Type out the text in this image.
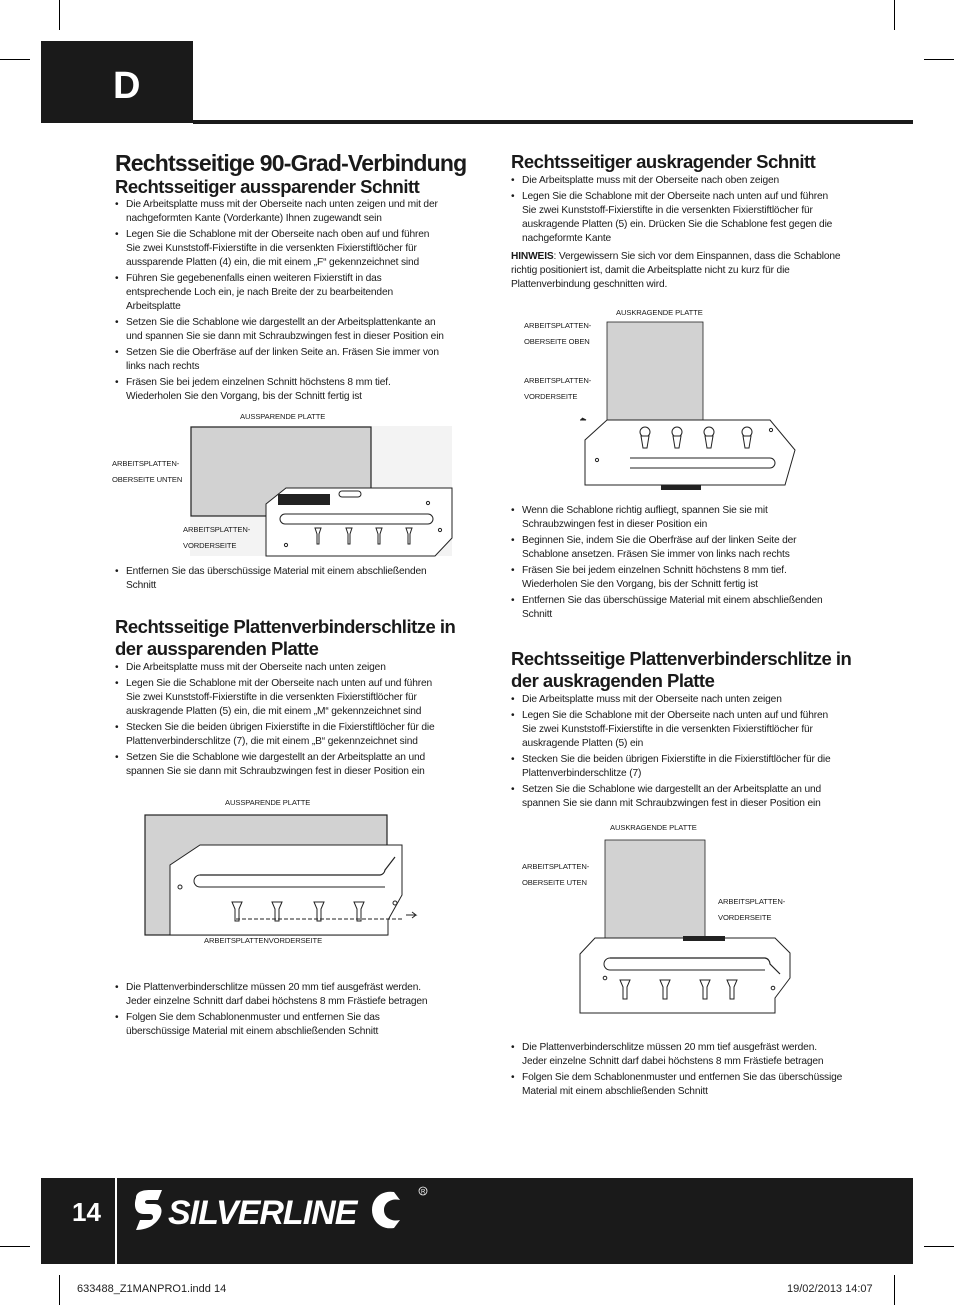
D
Rechtsseitige 90-Grad-Verbindung
Rechtsseitiger aussparender Schnitt
• Die Arbeitsplatte muss mit der Oberseite nach unten zeigen und mit der nachgeformten Kante (Vorderkante) Ihnen zugewandt sein
• Legen Sie die Schablone mit der Oberseite nach oben auf und führen Sie zwei Kunststoff-Fixierstifte in die versenkten Fixierstiftlöcher für aussparende Platten (4) ein, die mit einem „F“ gekennzeichnet sind
• Führen Sie gegebenenfalls einen weiteren Fixierstift in das entsprechende Loch ein, je nach Breite der zu bearbeitenden Arbeitsplatte
• Setzen Sie die Schablone wie dargestellt an der Arbeitsplattenkante an und spannen Sie sie dann mit Schraubzwingen fest in dieser Position ein
• Setzen Sie die Oberfräse auf der linken Seite an. Fräsen Sie immer von links nach rechts
• Fräsen Sie bei jedem einzelnen Schnitt höchstens 8 mm tief. Wiederholen Sie den Vorgang, bis der Schnitt fertig ist
AUSSPARENDE PLATTE
ARBEITSPLATTEN-
OBERSEITE UNTEN
ARBEITSPLATTEN-
VORDERSEITE
• Entfernen Sie das überschüssige Material mit einem abschließenden Schnitt
Rechtsseitige Plattenverbinderschlitze in
der aussparenden Platte
• Die Arbeitsplatte muss mit der Oberseite nach unten zeigen
• Legen Sie die Schablone mit der Oberseite nach unten auf und führen Sie zwei Kunststoff-Fixierstifte in die versenkten Fixierstiftlöcher für auskragende Platten (5) ein, die mit einem „M“ gekennzeichnet sind
• Stecken Sie die beiden übrigen Fixierstifte in die Fixierstiftlöcher für die Plattenverbinderschlitze (7), die mit einem „B“ gekennzeichnet sind
• Setzen Sie die Schablone wie dargestellt an der Arbeitsplatte an und spannen Sie sie dann mit Schraubzwingen fest in dieser Position ein
AUSSPARENDE PLATTE
ARBEITSPLATTENVORDERSEITE
• Die Plattenverbinderschlitze müssen 20 mm tief ausgefräst werden. Jeder einzelne Schnitt darf dabei höchstens 8 mm Frästiefe betragen
• Folgen Sie dem Schablonenmuster und entfernen Sie das überschüssige Material mit einem abschließenden Schnitt
Rechtsseitiger auskragender Schnitt
• Die Arbeitsplatte muss mit der Oberseite nach oben zeigen
• Legen Sie die Schablone mit der Oberseite nach unten auf und führen Sie zwei Kunststoff-Fixierstifte in die versenkten Fixierstiftlöcher für auskragende Platten (5) ein. Drücken Sie die Schablone fest gegen die nachgeformte Kante
HINWEIS: Vergewissern Sie sich vor dem Einspannen, dass die Schablone richtig positioniert ist, damit die Arbeitsplatte nicht zu kurz für die Plattenverbindung geschnitten wird.
AUSKRAGENDE PLATTE
ARBEITSPLATTEN-
OBERSEITE OBEN
ARBEITSPLATTEN-
VORDERSEITE
• Wenn die Schablone richtig aufliegt, spannen Sie sie mit Schraubzwingen fest in dieser Position ein
• Beginnen Sie, indem Sie die Oberfräse auf der linken Seite der Schablone ansetzen. Fräsen Sie immer von links nach rechts
• Fräsen Sie bei jedem einzelnen Schnitt höchstens 8 mm tief. Wiederholen Sie den Vorgang, bis der Schnitt fertig ist
• Entfernen Sie das überschüssige Material mit einem abschließenden Schnitt
Rechtsseitige Plattenverbinderschlitze in
der auskragenden Platte
• Die Arbeitsplatte muss mit der Oberseite nach unten zeigen
• Legen Sie die Schablone mit der Oberseite nach unten auf und führen Sie zwei Kunststoff-Fixierstifte in die versenkten Fixierstiftlöcher für auskragende Platten (5) ein
• Stecken Sie die beiden übrigen Fixierstifte in die Fixierstiftlöcher für die Plattenverbinderschlitze (7)
• Setzen Sie die Schablone wie dargestellt an der Arbeitsplatte an und spannen Sie sie dann mit Schraubzwingen fest in dieser Position ein
AUSKRAGENDE PLATTE
ARBEITSPLATTEN-
OBERSEITE UTEN
ARBEITSPLATTEN-
VORDERSEITE
• Die Plattenverbinderschlitze müssen 20 mm tief ausgefräst werden. Jeder einzelne Schnitt darf dabei höchstens 8 mm Frästiefe betragen
• Folgen Sie dem Schablonenmuster und entfernen Sie das überschüssige Material mit einem abschließenden Schnitt
14	SILVERLINE
R
633488_Z1MANPRO1.indd 14	19/02/2013 14:07
